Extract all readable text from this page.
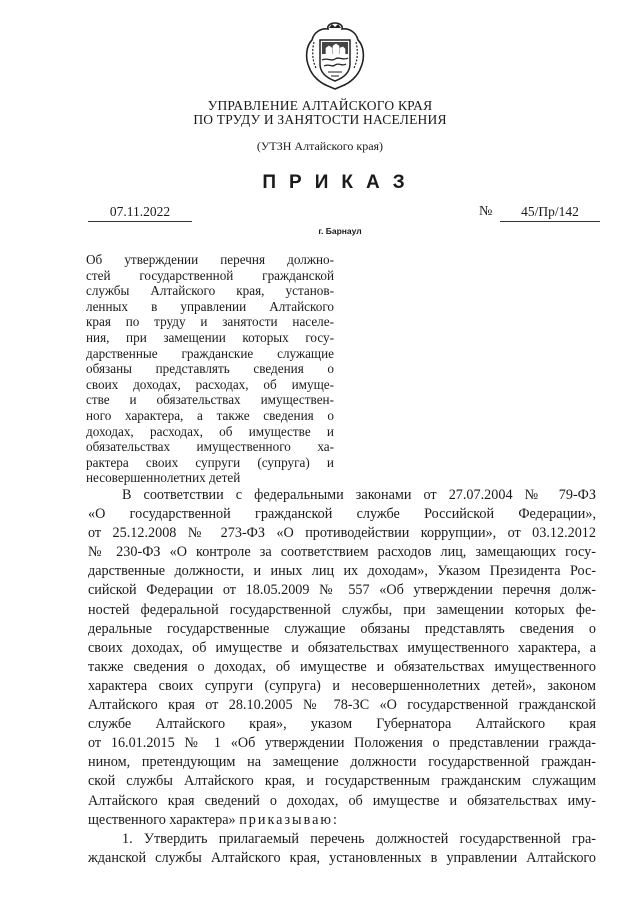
УПРАВЛЕНИЕ АЛТАЙСКОГО КРАЯ
ПО ТРУДУ И ЗАНЯТОСТИ НАСЕЛЕНИЯ
(УТЗН Алтайского края)
ПРИКАЗ
07.11.2022	№	45/Пр/142
г. Барнаул
Об утверждении перечня должно-
стей государственной гражданской
службы Алтайского края, установ-
ленных в управлении Алтайского
края по труду и занятости населе-
ния, при замещении которых госу-
дарственные гражданские служащие
обязаны представлять сведения о
своих доходах, расходах, об имуще-
стве и обязательствах имуществен-
ного характера, а также сведения о
доходах, расходах, об имуществе и
обязательствах имущественного ха-
рактера своих супруги (супруга) и
несовершеннолетних детей
В соответствии с федеральными законами от 27.07.2004 № 79-ФЗ
«О государственной гражданской службе Российской Федерации»,
от 25.12.2008 № 273-ФЗ «О противодействии коррупции», от 03.12.2012
№ 230-ФЗ «О контроле за соответствием расходов лиц, замещающих госу-
дарственные должности, и иных лиц их доходам», Указом Президента Рос-
сийской Федерации от 18.05.2009 № 557 «Об утверждении перечня долж-
ностей федеральной государственной службы, при замещении которых фе-
деральные государственные служащие обязаны представлять сведения о
своих доходах, об имуществе и обязательствах имущественного характера, а
также сведения о доходах, об имуществе и обязательствах имущественного
характера своих супруги (супруга) и несовершеннолетних детей», законом
Алтайского края от 28.10.2005 № 78-ЗС «О государственной гражданской
службе Алтайского края», указом Губернатора Алтайского края
от 16.01.2015 № 1 «Об утверждении Положения о представлении гражда-
нином, претендующим на замещение должности государственной граждан-
ской службы Алтайского края, и государственным гражданским служащим
Алтайского края сведений о доходах, об имуществе и обязательствах иму-
щественного характера» приказываю:
1. Утвердить прилагаемый перечень должностей государственной гра-
жданской службы Алтайского края, установленных в управлении Алтайского
